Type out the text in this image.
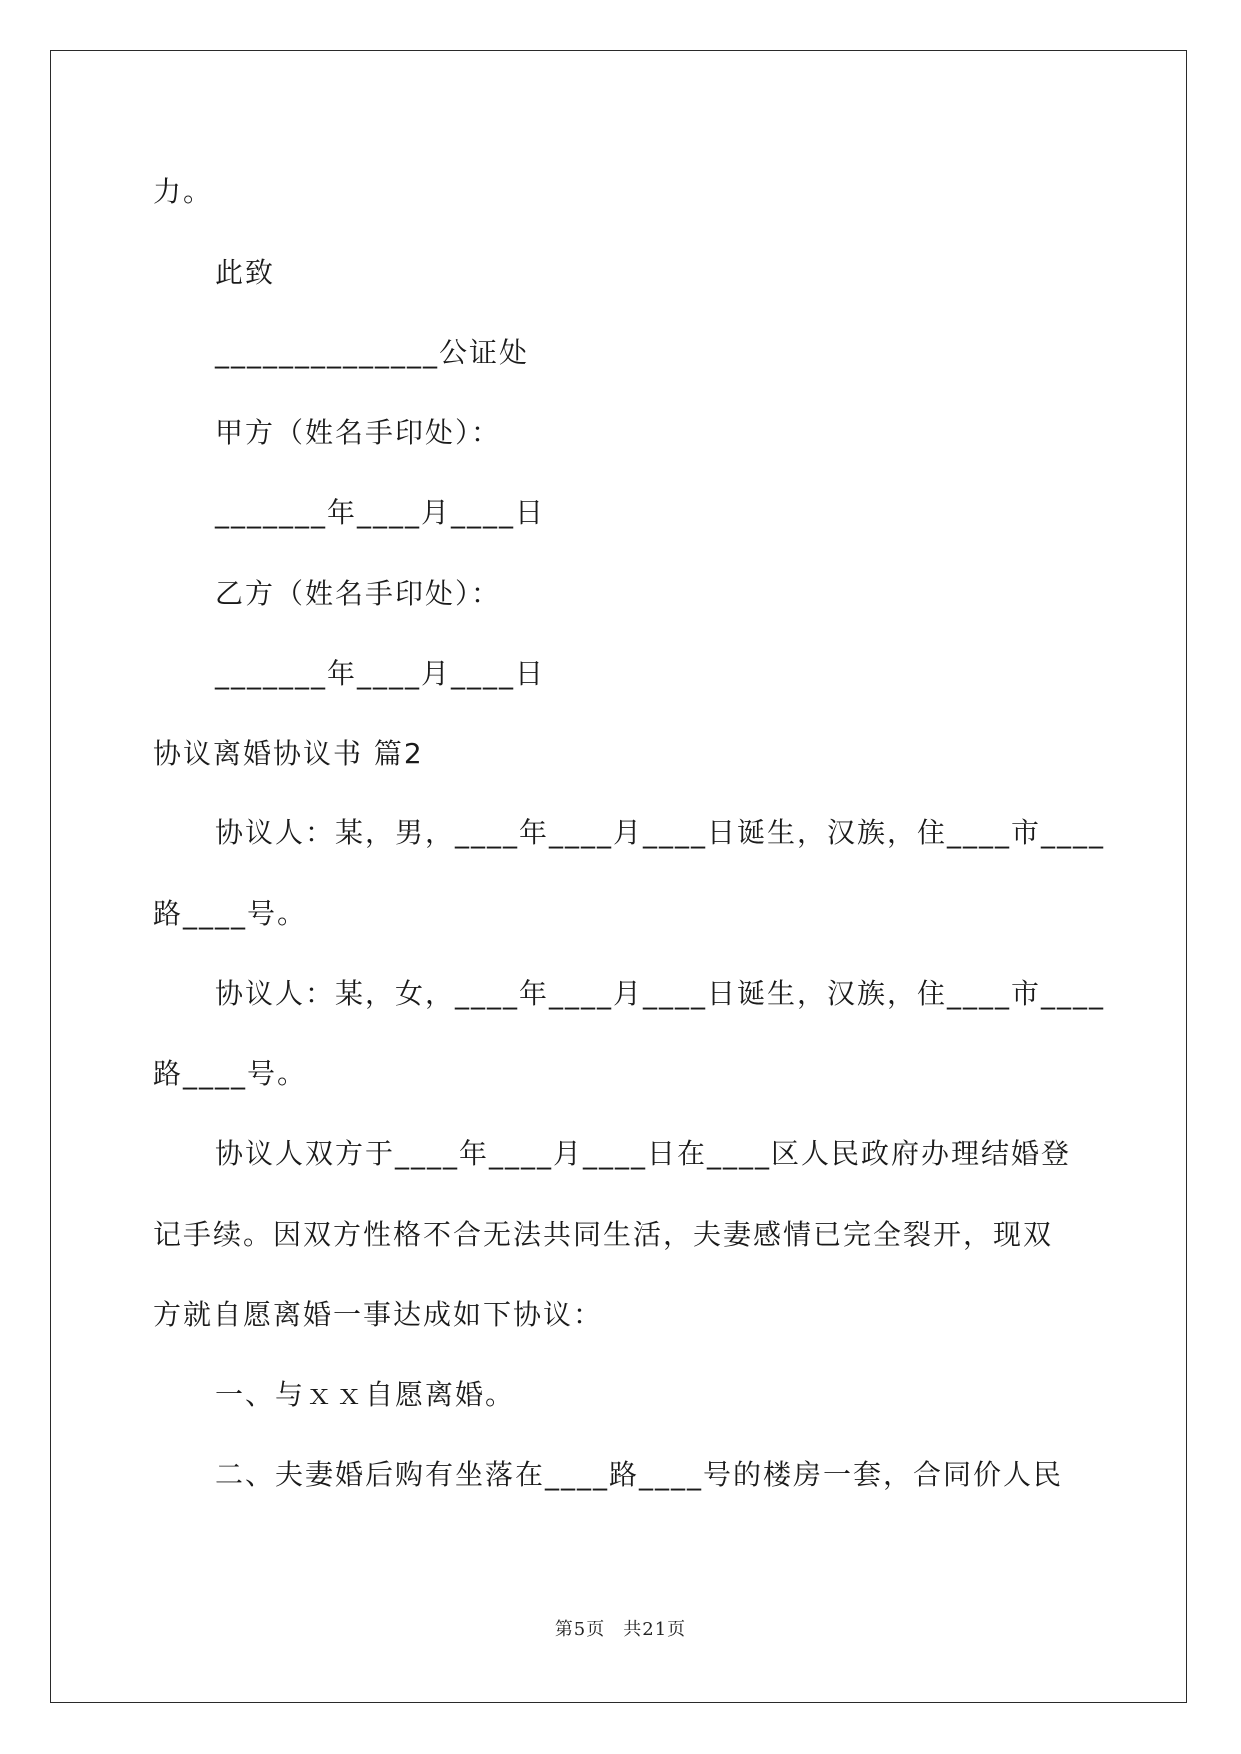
力。
此致
______________公证处
甲方（姓名手印处）：
_______年____月____日
乙方（姓名手印处）：
_______年____月____日
协议离婚协议书 篇2
协议人：某，男，____年____月____日诞生，汉族，住____市____
路____号。
协议人：某，女，____年____月____日诞生，汉族，住____市____
路____号。
协议人双方于____年____月____日在____区人民政府办理结婚登
记手续。因双方性格不合无法共同生活，夫妻感情已完全裂开，现双
方就自愿离婚一事达成如下协议：
一、与ｘｘ自愿离婚。
二、夫妻婚后购有坐落在____路____号的楼房一套，合同价人民
第5页 共21页
